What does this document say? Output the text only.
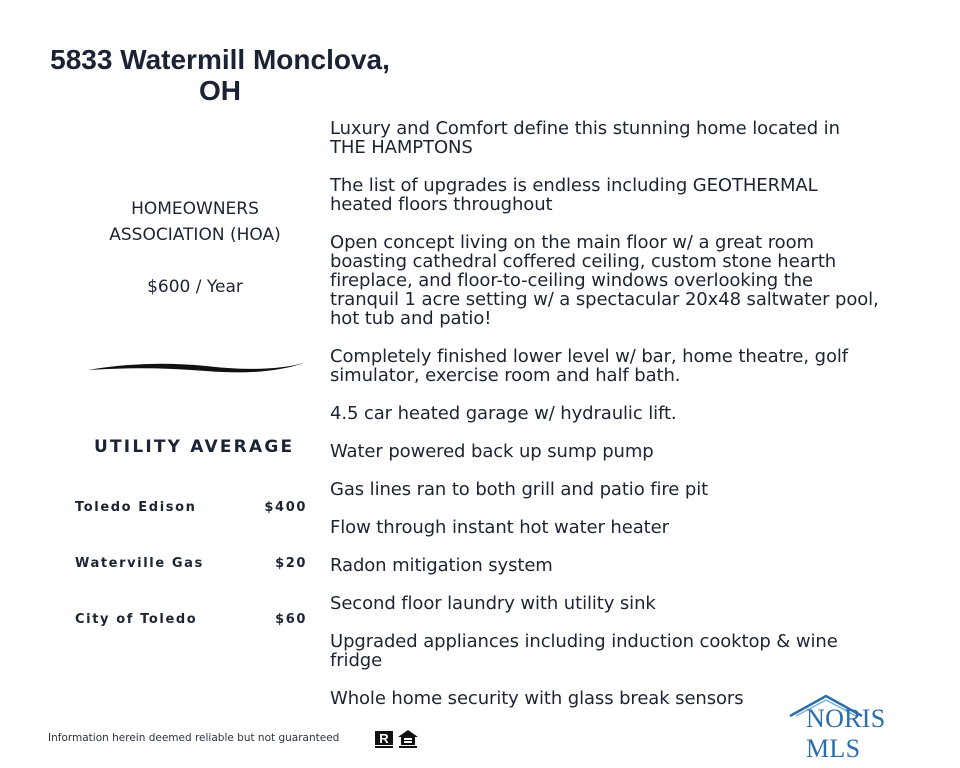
5833 Watermill Monclova,
OH
HOMEOWNERS
ASSOCIATION (HOA)
$600 / Year
UTILITY AVERAGE
Toledo Edison	$400
Waterville Gas	$20
City of Toledo	$60
Luxury and Comfort define this stunning home located in
THE HAMPTONS
The list of upgrades is endless including GEOTHERMAL
heated floors throughout
Open concept living on the main floor w/ a great room
boasting cathedral coffered ceiling, custom stone hearth
fireplace, and floor-to-ceiling windows overlooking the
tranquil 1 acre setting w/ a spectacular 20x48 saltwater pool,
hot tub and patio!
Completely finished lower level w/ bar, home theatre, golf
simulator, exercise room and half bath.
4.5 car heated garage w/ hydraulic lift.
Water powered back up sump pump
Gas lines ran to both grill and patio fire pit
Flow through instant hot water heater
Radon mitigation system
Second floor laundry with utility sink
Upgraded appliances including induction cooktop & wine
fridge
Whole home security with glass break sensors
Information herein deemed reliable but not guaranteed	R
NORIS MLS
